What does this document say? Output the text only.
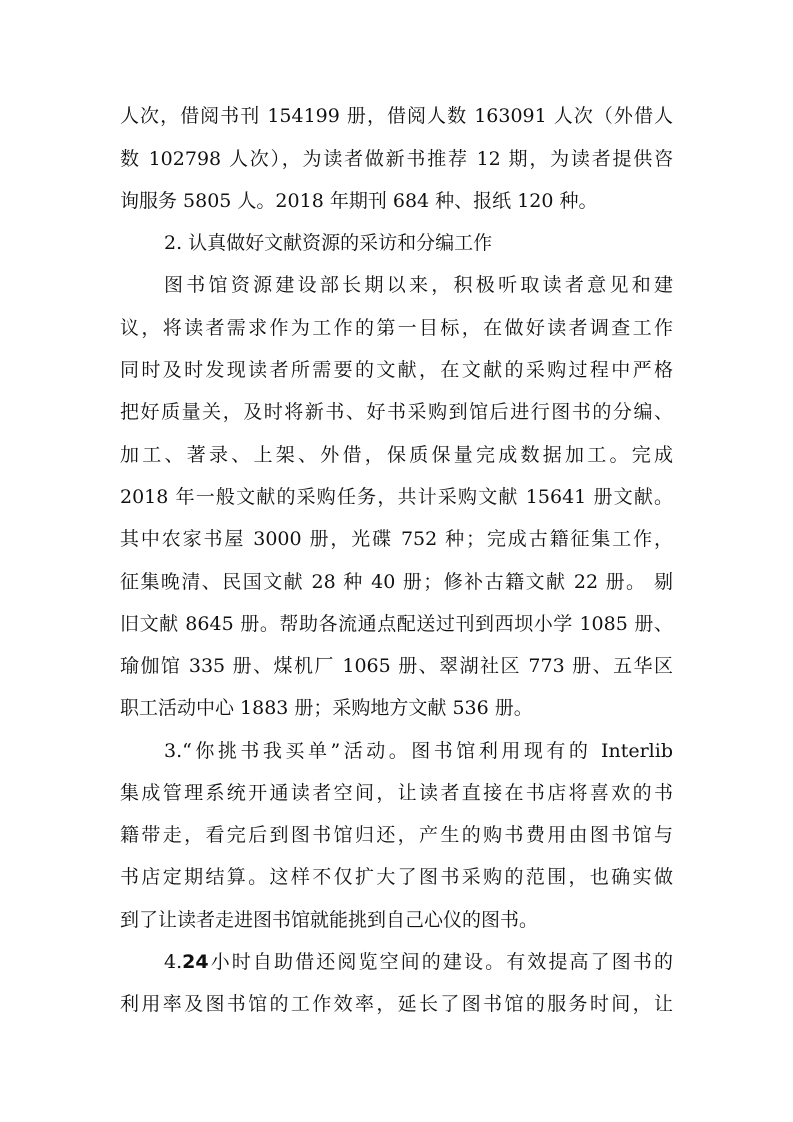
人次，借阅书刊 154199 册，借阅人数 163091 人次（外借人
数 102798 人次），为读者做新书推荐 12 期，为读者提供咨
询服务 5805 人。2018 年期刊 684 种、报纸 120 种。
2. 认真做好文献资源的采访和分编工作
图书馆资源建设部长期以来，积极听取读者意见和建
议，将读者需求作为工作的第一目标，在做好读者调查工作
同时及时发现读者所需要的文献，在文献的采购过程中严格
把好质量关，及时将新书、好书采购到馆后进行图书的分编、
加工、著录、上架、外借，保质保量完成数据加工。完成
2018 年一般文献的采购任务，共计采购文献 15641 册文献。
其中农家书屋 3000 册，光碟 752 种；完成古籍征集工作，
征集晚清、民国文献 28 种 40 册；修补古籍文献 22 册。 剔
旧文献 8645 册。帮助各流通点配送过刊到西坝小学 1085 册、
瑜伽馆 335 册、煤机厂 1065 册、翠湖社区 773 册、五华区
职工活动中心 1883 册；采购地方文献 536 册。
3.“你挑书我买单”活动。图书馆利用现有的 Interlib
集成管理系统开通读者空间，让读者直接在书店将喜欢的书
籍带走，看完后到图书馆归还，产生的购书费用由图书馆与
书店定期结算。这样不仅扩大了图书采购的范围，也确实做
到了让读者走进图书馆就能挑到自己心仪的图书。
4.24小时自助借还阅览空间的建设。有效提高了图书的
利用率及图书馆的工作效率，延长了图书馆的服务时间，让
